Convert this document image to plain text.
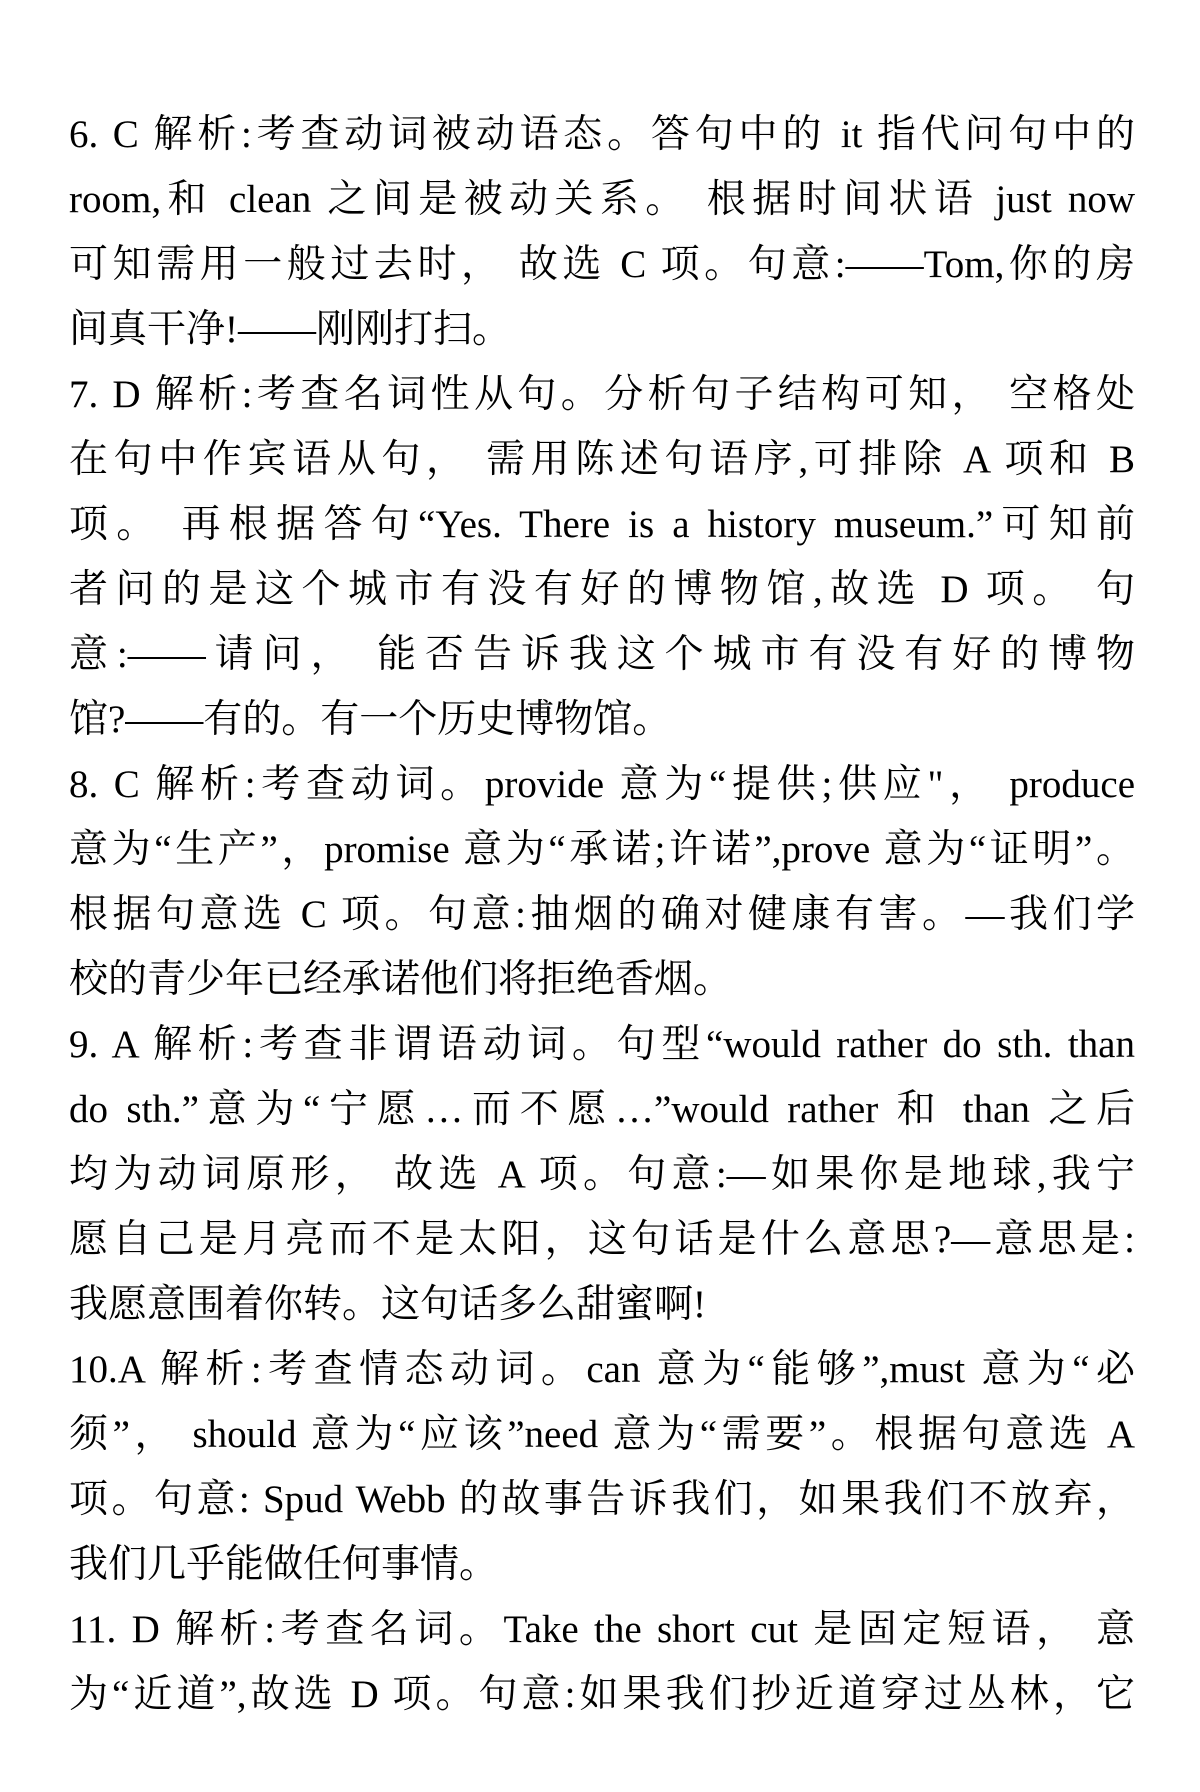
6. C 解析:考查动词被动语态。答句中的 it 指代问句中的
room,和 clean 之间是被动关系。 根据时间状语 just now
可知需用一般过去时， 故选 C 项。句意:——Tom,你的房
间真干净!——刚刚打扫。
7. D 解析:考查名词性从句。分析句子结构可知， 空格处
在句中作宾语从句， 需用陈述句语序,可排除 A 项和 B
项。 再根据答句“Yes. There is a history museum.”可知前
者问的是这个城市有没有好的博物馆,故选 D 项。 句
意:——请问， 能否告诉我这个城市有没有好的博物
馆?——有的。有一个历史博物馆。
8. C 解析:考查动词。provide 意为“提供;供应"， produce
意为“生产”，promise 意为“承诺;许诺”,prove 意为“证明”。
根据句意选 C 项。句意:抽烟的确对健康有害。—我们学
校的青少年已经承诺他们将拒绝香烟。
9. A 解析:考查非谓语动词。句型“would rather do sth. than
do sth.”意为“宁愿…而不愿…”would rather 和 than 之后
均为动词原形， 故选 A 项。句意:—如果你是地球,我宁
愿自己是月亮而不是太阳，这句话是什么意思?—意思是:
我愿意围着你转。这句话多么甜蜜啊!
10.A 解析:考查情态动词。can 意为“能够”,must 意为“必
须”， should 意为“应该”need 意为“需要”。根据句意选 A
项。句意: Spud Webb 的故事告诉我们，如果我们不放弃，
我们几乎能做任何事情。
11. D 解析:考查名词。Take the short cut 是固定短语， 意
为“近道”,故选 D 项。句意:如果我们抄近道穿过丛林，它
